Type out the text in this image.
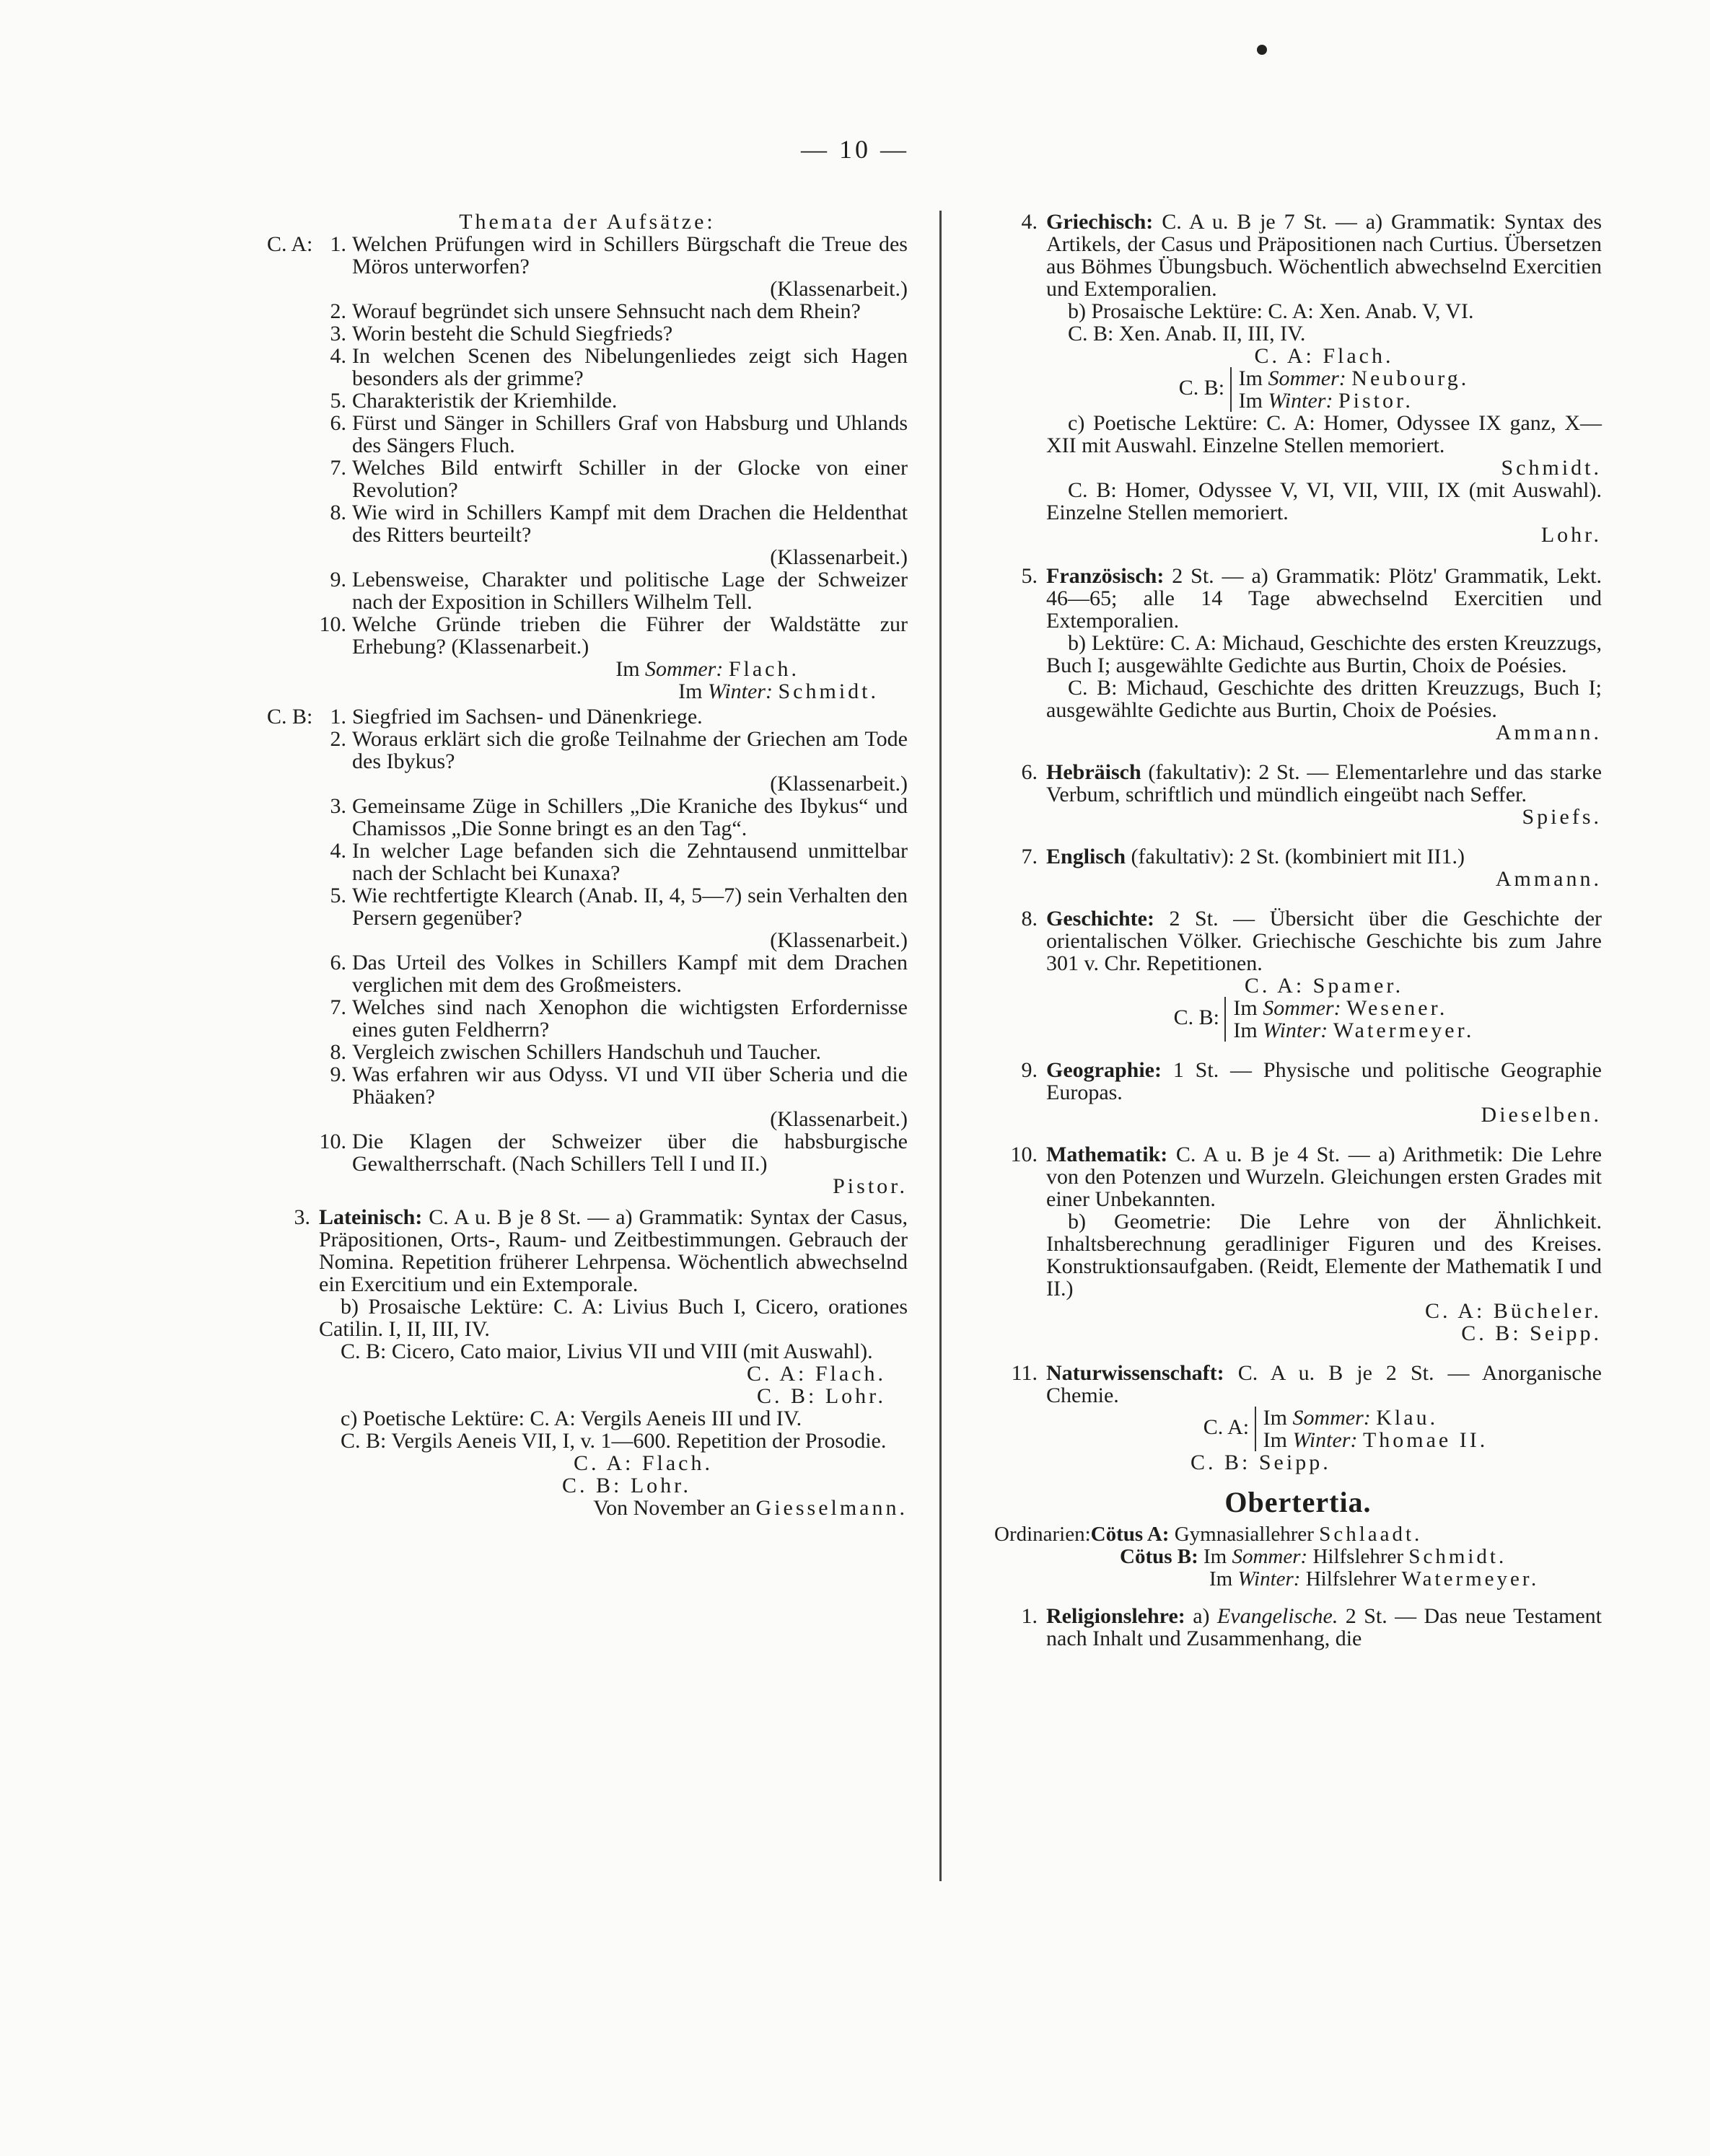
— 10 —
Themata der Aufsätze:
C. A: 1. Welchen Prüfungen wird in Schillers Bürgschaft die Treue des Möros unterworfen?
(Klassenarbeit.)
2. Worauf begründet sich unsere Sehnsucht nach dem Rhein?
3. Worin besteht die Schuld Siegfrieds?
4. In welchen Scenen des Nibelungenliedes zeigt sich Hagen besonders als der grimme?
5. Charakteristik der Kriemhilde.
6. Fürst und Sänger in Schillers Graf von Habsburg und Uhlands des Sängers Fluch.
7. Welches Bild entwirft Schiller in der Glocke von einer Revolution?
8. Wie wird in Schillers Kampf mit dem Drachen die Heldenthat des Ritters beurteilt?
(Klassenarbeit.)
9. Lebensweise, Charakter und politische Lage der Schweizer nach der Exposition in Schillers Wilhelm Tell.
10. Welche Gründe trieben die Führer der Waldstätte zur Erhebung? (Klassenarbeit.)
Im Sommer: Flach.
Im Winter: Schmidt.
C. B: 1. Siegfried im Sachsen- und Dänenkriege.
2. Woraus erklärt sich die große Teilnahme der Griechen am Tode des Ibykus?
(Klassenarbeit.)
3. Gemeinsame Züge in Schillers „Die Kraniche des Ibykus“ und Chamissos „Die Sonne bringt es an den Tag“.
4. In welcher Lage befanden sich die Zehntausend unmittelbar nach der Schlacht bei Kunaxa?
5. Wie rechtfertigte Klearch (Anab. II, 4, 5—7) sein Verhalten den Persern gegenüber?
(Klassenarbeit.)
6. Das Urteil des Volkes in Schillers Kampf mit dem Drachen verglichen mit dem des Großmeisters.
7. Welches sind nach Xenophon die wichtigsten Erfordernisse eines guten Feldherrn?
8. Vergleich zwischen Schillers Handschuh und Taucher.
9. Was erfahren wir aus Odyss. VI und VII über Scheria und die Phäaken?
(Klassenarbeit.)
10. Die Klagen der Schweizer über die habsburgische Gewaltherrschaft. (Nach Schillers Tell I und II.)
Pistor.
3. Lateinisch: C. A u. B je 8 St. — a) Grammatik: Syntax der Casus, Präpositionen, Orts-, Raum- und Zeitbestimmungen. Gebrauch der Nomina. Repetition früherer Lehrpensa. Wöchentlich abwechselnd ein Exercitium und ein Extemporale.
b) Prosaische Lektüre: C. A: Livius Buch I, Cicero, orationes Catilin. I, II, III, IV.
C. B: Cicero, Cato maior, Livius VII und VIII (mit Auswahl).
C. A: Flach.
C. B: Lohr.
c) Poetische Lektüre: C. A: Vergils Aeneis III und IV.
C. B: Vergils Aeneis VII, I, v. 1—600. Repetition der Prosodie.
C. A: Flach.
C. B: Lohr.
Von November an Giesselmann.
4. Griechisch: C. A u. B je 7 St. — a) Grammatik: Syntax des Artikels, der Casus und Präpositionen nach Curtius. Übersetzen aus Böhmes Übungsbuch. Wöchentlich abwechselnd Exercitien und Extemporalien.
b) Prosaische Lektüre: C. A: Xen. Anab. V, VI.
C. B: Xen. Anab. II, III, IV.
C. A: Flach.
C. B: Im Sommer: Neubourg.
Im Winter: Pistor.
c) Poetische Lektüre: C. A: Homer, Odyssee IX ganz, X—XII mit Auswahl. Einzelne Stellen memoriert.
Schmidt.
C. B: Homer, Odyssee V, VI, VII, VIII, IX (mit Auswahl). Einzelne Stellen memoriert.
Lohr.
5. Französisch: 2 St. — a) Grammatik: Plötz' Grammatik, Lekt. 46—65; alle 14 Tage abwechselnd Exercitien und Extemporalien.
b) Lektüre: C. A: Michaud, Geschichte des ersten Kreuzzugs, Buch I; ausgewählte Gedichte aus Burtin, Choix de Poésies.
C. B: Michaud, Geschichte des dritten Kreuzzugs, Buch I; ausgewählte Gedichte aus Burtin, Choix de Poésies.
Ammann.
6. Hebräisch (fakultativ): 2 St. — Elementarlehre und das starke Verbum, schriftlich und mündlich eingeübt nach Seffer.
Spiefs.
7. Englisch (fakultativ): 2 St. (kombiniert mit II1.)
Ammann.
8. Geschichte: 2 St. — Übersicht über die Geschichte der orientalischen Völker. Griechische Geschichte bis zum Jahre 301 v. Chr. Repetitionen.
C. A: Spamer.
C. B: Im Sommer: Wesener.
Im Winter: Watermeyer.
9. Geographie: 1 St. — Physische und politische Geographie Europas.
Dieselben.
10. Mathematik: C. A u. B je 4 St. — a) Arithmetik: Die Lehre von den Potenzen und Wurzeln. Gleichungen ersten Grades mit einer Unbekannten.
b) Geometrie: Die Lehre von der Ähnlichkeit. Inhaltsberechnung geradliniger Figuren und des Kreises. Konstruktionsaufgaben. (Reidt, Elemente der Mathematik I und II.)
C. A: Bücheler.
C. B: Seipp.
11. Naturwissenschaft: C. A u. B je 2 St. — Anorganische Chemie.
C. A: Im Sommer: Klau.
Im Winter: Thomae II.
C. B: Seipp.
Obertertia.
Ordinarien:Cötus A: Gymnasiallehrer Schlaadt.
Cötus B: Im Sommer: Hilfslehrer Schmidt.
Im Winter: Hilfslehrer Watermeyer.
1. Religionslehre: a) Evangelische. 2 St. — Das neue Testament nach Inhalt und Zusammenhang, die
